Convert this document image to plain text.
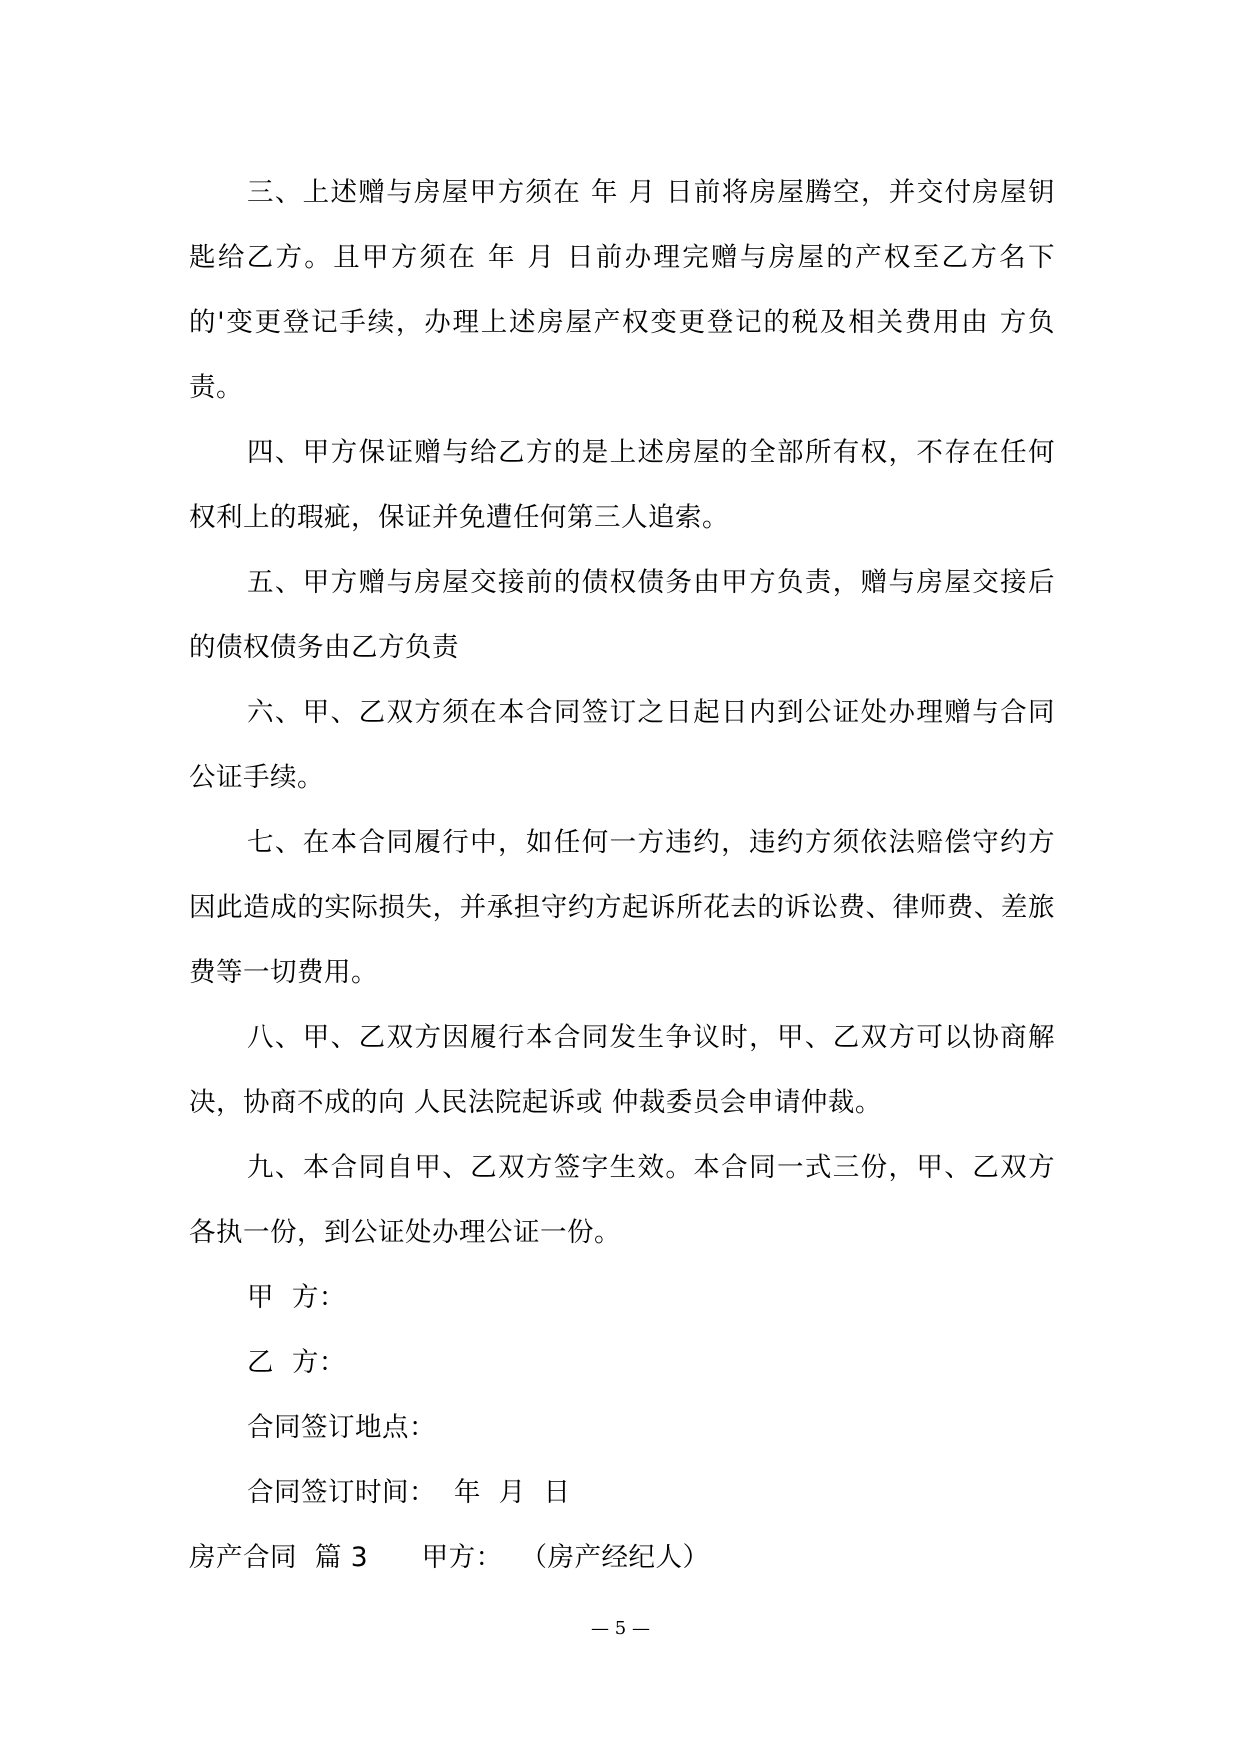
三、上述赠与房屋甲方须在 年 月 日前将房屋腾空，并交付房屋钥匙给乙方。且甲方须在 年 月 日前办理完赠与房屋的产权至乙方名下的'变更登记手续，办理上述房屋产权变更登记的税及相关费用由 方负责。

四、甲方保证赠与给乙方的是上述房屋的全部所有权，不存在任何权利上的瑕疵，保证并免遭任何第三人追索。

五、甲方赠与房屋交接前的债权债务由甲方负责，赠与房屋交接后的债权债务由乙方负责

六、甲、乙双方须在本合同签订之日起日内到公证处办理赠与合同公证手续。

七、在本合同履行中，如任何一方违约，违约方须依法赔偿守约方因此造成的实际损失，并承担守约方起诉所花去的诉讼费、律师费、差旅费等一切费用。

八、甲、乙双方因履行本合同发生争议时，甲、乙双方可以协商解决，协商不成的向 人民法院起诉或 仲裁委员会申请仲裁。

九、本合同自甲、乙双方签字生效。本合同一式三份，甲、乙双方各执一份，到公证处办理公证一份。

甲  方：

乙  方：

合同签订地点：

合同签订时间：  年  月  日

房产合同  篇 3      甲方：  （房产经纪人）

— 5 —
